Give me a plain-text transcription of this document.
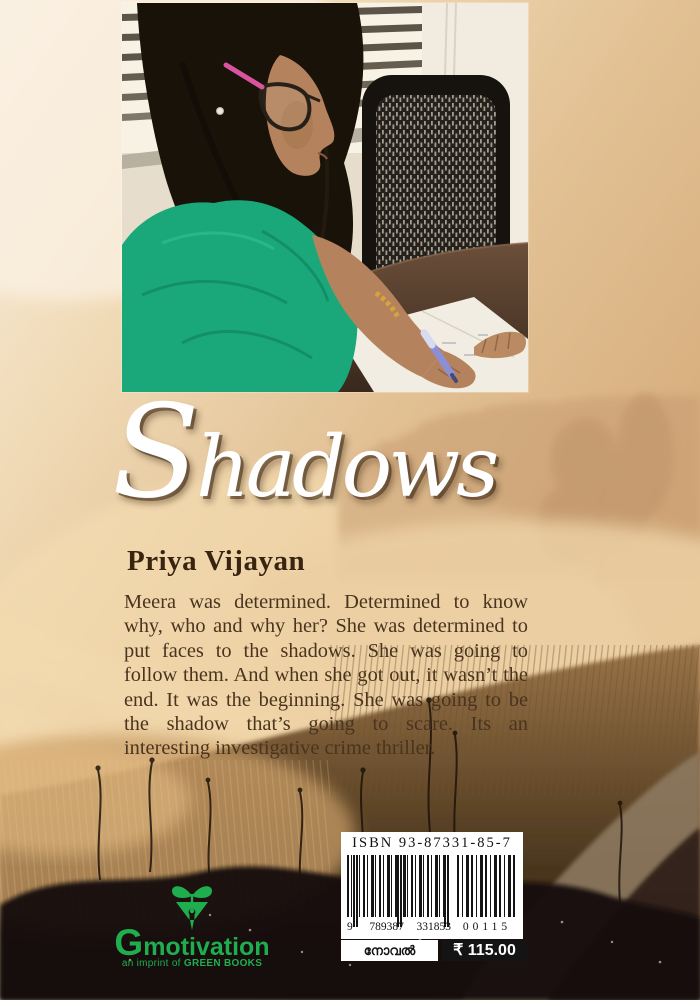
Shadows
Priya Vijayan

Meera was determined. Determined to know why, who and why her? She was determined to put faces to the shadows. She was going to follow them. And when she got out, it wasn’t the end. It was the beginning. She was going to be the shadow that’s going to scare. Its an interesting investigative crime thriller.

Gmotivation
an imprint of GREEN BOOKS
ISBN 93-87331-85-7
9 789387 331853	00115
നോവൽ	₹ 115.00
